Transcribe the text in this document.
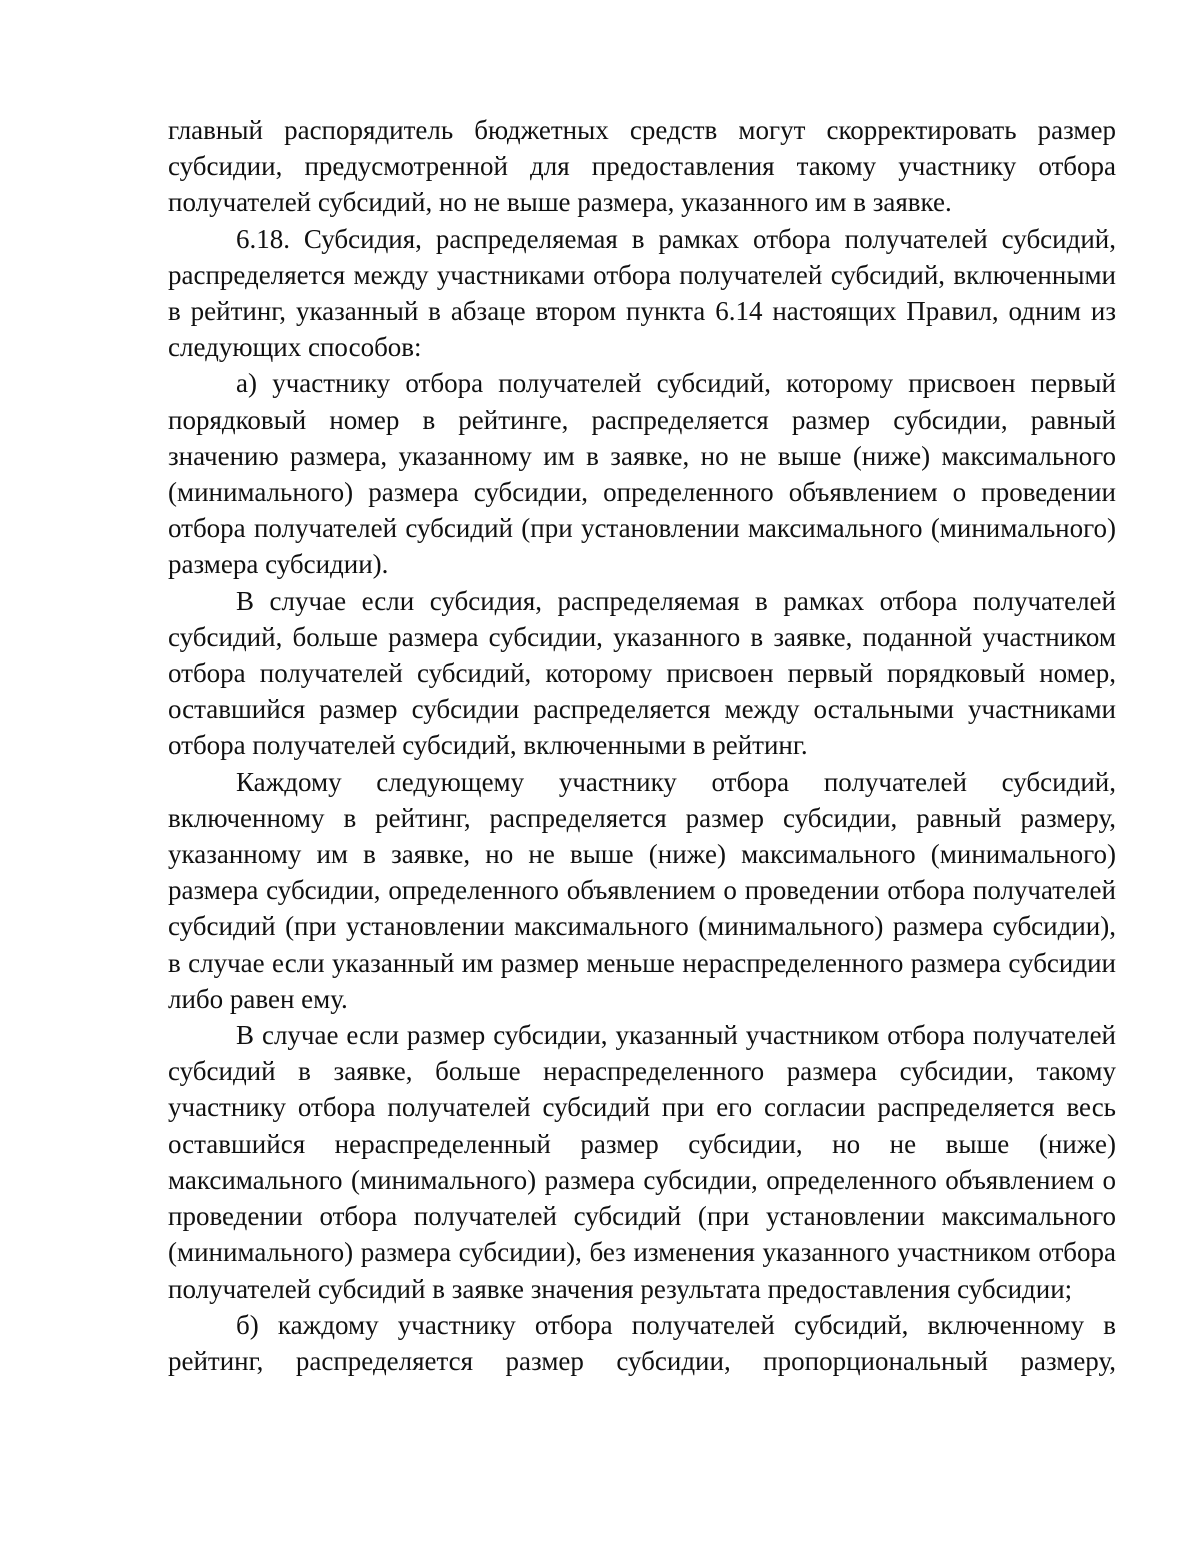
главный распорядитель бюджетных средств могут скорректировать размер субсидии, предусмотренной для предоставления такому участнику отбора получателей субсидий, но не выше размера, указанного им в заявке.

6.18. Субсидия, распределяемая в рамках отбора получателей субсидий, распределяется между участниками отбора получателей субсидий, включенными в рейтинг, указанный в абзаце втором пункта 6.14 настоящих Правил, одним из следующих способов:

а) участнику отбора получателей субсидий, которому присвоен первый порядковый номер в рейтинге, распределяется размер субсидии, равный значению размера, указанному им в заявке, но не выше (ниже) максимального (минимального) размера субсидии, определенного объявлением о проведении отбора получателей субсидий (при установлении максимального (минимального) размера субсидии).

В случае если субсидия, распределяемая в рамках отбора получателей субсидий, больше размера субсидии, указанного в заявке, поданной участником отбора получателей субсидий, которому присвоен первый порядковый номер, оставшийся размер субсидии распределяется между остальными участниками отбора получателей субсидий, включенными в рейтинг.

Каждому следующему участнику отбора получателей субсидий, включенному в рейтинг, распределяется размер субсидии, равный размеру, указанному им в заявке, но не выше (ниже) максимального (минимального) размера субсидии, определенного объявлением о проведении отбора получателей субсидий (при установлении максимального (минимального) размера субсидии), в случае если указанный им размер меньше нераспределенного размера субсидии либо равен ему.

В случае если размер субсидии, указанный участником отбора получателей субсидий в заявке, больше нераспределенного размера субсидии, такому участнику отбора получателей субсидий при его согласии распределяется весь оставшийся нераспределенный размер субсидии, но не выше (ниже) максимального (минимального) размера субсидии, определенного объявлением о проведении отбора получателей субсидий (при установлении максимального (минимального) размера субсидии), без изменения указанного участником отбора получателей субсидий в заявке значения результата предоставления субсидии;

б) каждому участнику отбора получателей субсидий, включенному в рейтинг, распределяется размер субсидии, пропорциональный размеру,
